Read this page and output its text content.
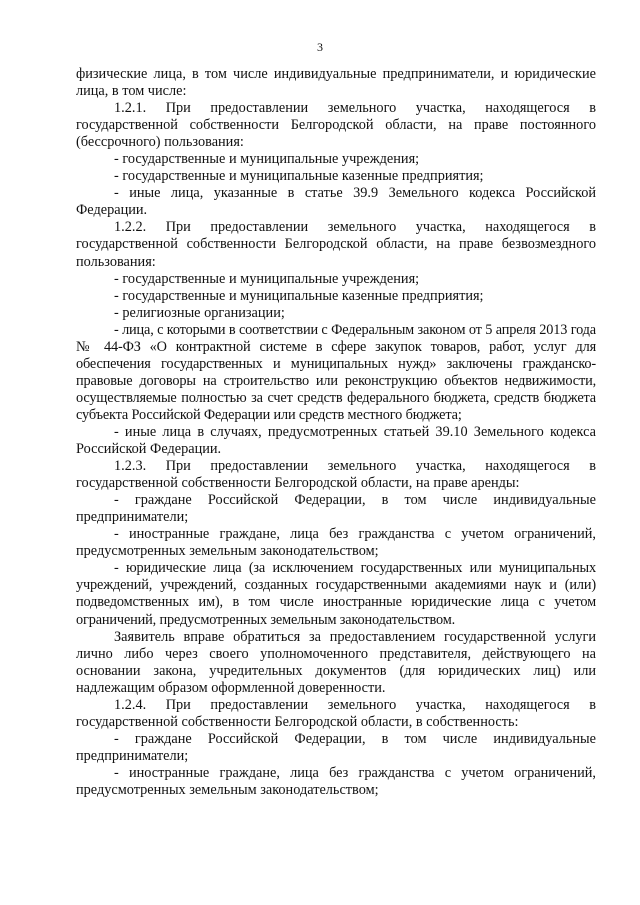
3

физические лица, в том числе индивидуальные предприниматели, и юридические лица, в том числе:

1.2.1. При предоставлении земельного участка, находящегося в государственной собственности Белгородской области, на праве постоянного (бессрочного) пользования:

- государственные и муниципальные учреждения;

- государственные и муниципальные казенные предприятия;

- иные лица, указанные в статье 39.9 Земельного кодекса Российской Федерации.

1.2.2. При предоставлении земельного участка, находящегося в государственной собственности Белгородской области, на праве безвозмездного пользования:

- государственные и муниципальные учреждения;

- государственные и муниципальные казенные предприятия;

- религиозные организации;

- лица, с которыми в соответствии с Федеральным законом от 5 апреля 2013 года № 44-ФЗ «О контрактной системе в сфере закупок товаров, работ, услуг для обеспечения государственных и муниципальных нужд» заключены гражданско-правовые договоры на строительство или реконструкцию объектов недвижимости, осуществляемые полностью за счет средств федерального бюджета, средств бюджета субъекта Российской Федерации или средств местного бюджета;

- иные лица в случаях, предусмотренных статьей 39.10 Земельного кодекса Российской Федерации.

1.2.3. При предоставлении земельного участка, находящегося в государственной собственности Белгородской области, на праве аренды:

- граждане Российской Федерации, в том числе индивидуальные предприниматели;

- иностранные граждане, лица без гражданства с учетом ограничений, предусмотренных земельным законодательством;

- юридические лица (за исключением государственных или муниципальных учреждений, учреждений, созданных государственными академиями наук и (или) подведомственных им), в том числе иностранные юридические лица с учетом ограничений, предусмотренных земельным законодательством.

Заявитель вправе обратиться за предоставлением государственной услуги лично либо через своего уполномоченного представителя, действующего на основании закона, учредительных документов (для юридических лиц) или надлежащим образом оформленной доверенности.

1.2.4. При предоставлении земельного участка, находящегося в государственной собственности Белгородской области, в собственность:

- граждане Российской Федерации, в том числе индивидуальные предприниматели;

- иностранные граждане, лица без гражданства с учетом ограничений, предусмотренных земельным законодательством;
